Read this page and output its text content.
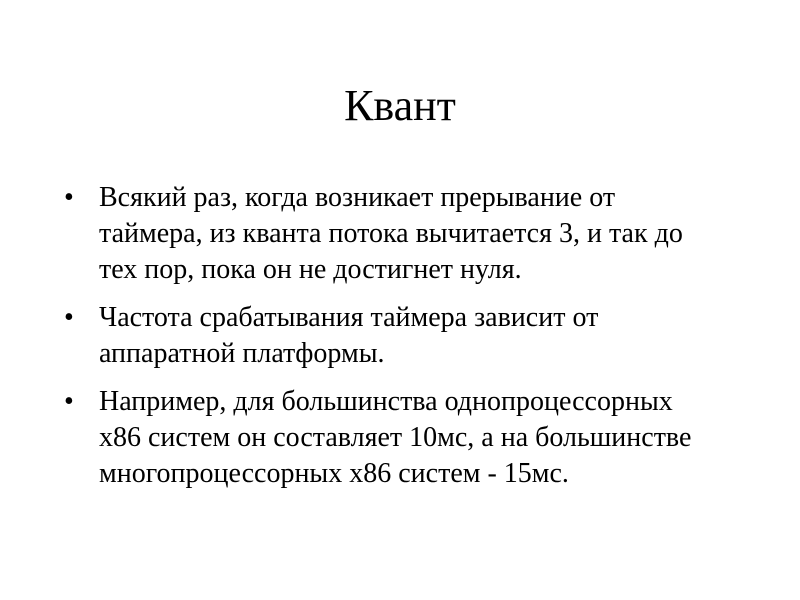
Квант
• Всякий раз, когда возникает прерывание от таймера, из кванта потока вычитается 3, и так до тех пор, пока он не достигнет нуля.
• Частота срабатывания таймера зависит от аппаратной платформы.
• Например, для большинства однопроцессорных x86 систем он составляет 10мс, а на большинстве многопроцессорных x86 систем - 15мс.
